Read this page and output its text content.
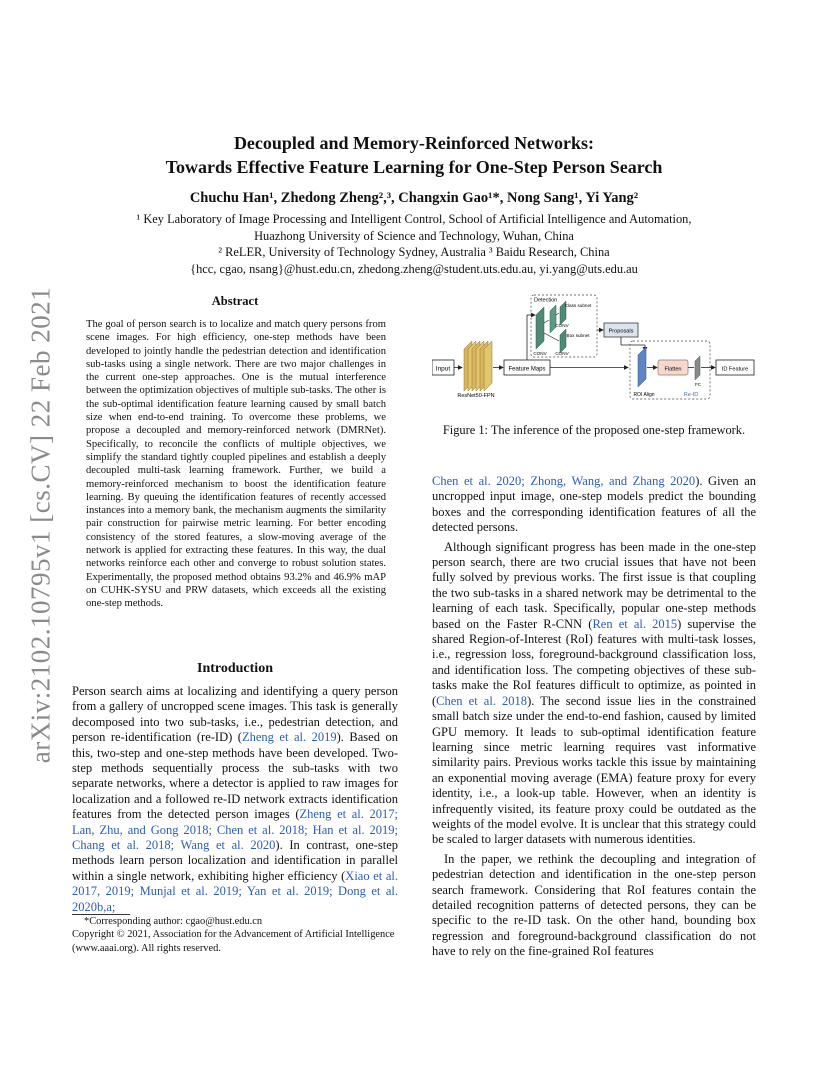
Decoupled and Memory-Reinforced Networks:
Towards Effective Feature Learning for One-Step Person Search
Chuchu Han¹, Zhedong Zheng²,³, Changxin Gao¹*, Nong Sang¹, Yi Yang²
¹ Key Laboratory of Image Processing and Intelligent Control, School of Artificial Intelligence and Automation,
Huazhong University of Science and Technology, Wuhan, China
² ReLER, University of Technology Sydney, Australia ³ Baidu Research, China
{hcc, cgao, nsang}@hust.edu.cn, zhedong.zheng@student.uts.edu.au, yi.yang@uts.edu.au
arXiv:2102.10795v1 [cs.CV] 22 Feb 2021	Abstract
The goal of person search is to localize and match query persons from scene images. For high efficiency, one-step methods have been developed to jointly handle the pedestrian detection and identification sub-tasks using a single network. There are two major challenges in the current one-step approaches. One is the mutual interference between the optimization objectives of multiple sub-tasks. The other is the sub-optimal identification feature learning caused by small batch size when end-to-end training. To overcome these problems, we propose a decoupled and memory-reinforced network (DMRNet). Specifically, to reconcile the conflicts of multiple objectives, we simplify the standard tightly coupled pipelines and establish a deeply decoupled multi-task learning framework. Further, we build a memory-reinforced mechanism to boost the identification feature learning. By queuing the identification features of recently accessed instances into a memory bank, the mechanism augments the similarity pair construction for pairwise metric learning. For better encoding consistency of the stored features, a slow-moving average of the network is applied for extracting these features. In this way, the dual networks reinforce each other and converge to robust solution states. Experimentally, the proposed method obtains 93.2% and 46.9% mAP on CUHK-SYSU and PRW datasets, which exceeds all the existing one-step methods.
Introduction

Person search aims at localizing and identifying a query person from a gallery of uncropped scene images. This task is generally decomposed into two sub-tasks, i.e., pedestrian detection, and person re-identification (re-ID) (Zheng et al. 2019). Based on this, two-step and one-step methods have been developed. Two-step methods sequentially process the sub-tasks with two separate networks, where a detector is applied to raw images for localization and a followed re-ID network extracts identification features from the detected person images (Zheng et al. 2017; Lan, Zhu, and Gong 2018; Chen et al. 2018; Han et al. 2019; Chang et al. 2018; Wang et al. 2020). In contrast, one-step methods learn person localization and identification in parallel within a single network, exhibiting higher efficiency (Xiao et al. 2017, 2019; Munjal et al. 2019; Yan et al. 2019; Dong et al. 2020b,a;

*Corresponding author: cgao@hust.edu.cn
Copyright © 2021, Association for the Advancement of Artificial Intelligence (www.aaai.org). All rights reserved.
Input
ResNet50-FPN
Feature Maps
Detection
Class subnet
Box subnet
CONV
CONV CONV
Proposals
ROI Align
Flatten
FC
Re-ID
ID Feature
Figure 1: The inference of the proposed one-step framework.

Chen et al. 2020; Zhong, Wang, and Zhang 2020). Given an uncropped input image, one-step models predict the bounding boxes and the corresponding identification features of all the detected persons.

Although significant progress has been made in the one-step person search, there are two crucial issues that have not been fully solved by previous works. The first issue is that coupling the two sub-tasks in a shared network may be detrimental to the learning of each task. Specifically, popular one-step methods based on the Faster R-CNN (Ren et al. 2015) supervise the shared Region-of-Interest (RoI) features with multi-task losses, i.e., regression loss, foreground-background classification loss, and identification loss. The competing objectives of these sub-tasks make the RoI features difficult to optimize, as pointed in (Chen et al. 2018). The second issue lies in the constrained small batch size under the end-to-end fashion, caused by limited GPU memory. It leads to sub-optimal identification feature learning since metric learning requires vast informative similarity pairs. Previous works tackle this issue by maintaining an exponential moving average (EMA) feature proxy for every identity, i.e., a look-up table. However, when an identity is infrequently visited, its feature proxy could be outdated as the weights of the model evolve. It is unclear that this strategy could be scaled to larger datasets with numerous identities.

In the paper, we rethink the decoupling and integration of pedestrian detection and identification in the one-step person search framework. Considering that RoI features contain the detailed recognition patterns of detected persons, they can be specific to the re-ID task. On the other hand, bounding box regression and foreground-background classification do not have to rely on the fine-grained RoI features
